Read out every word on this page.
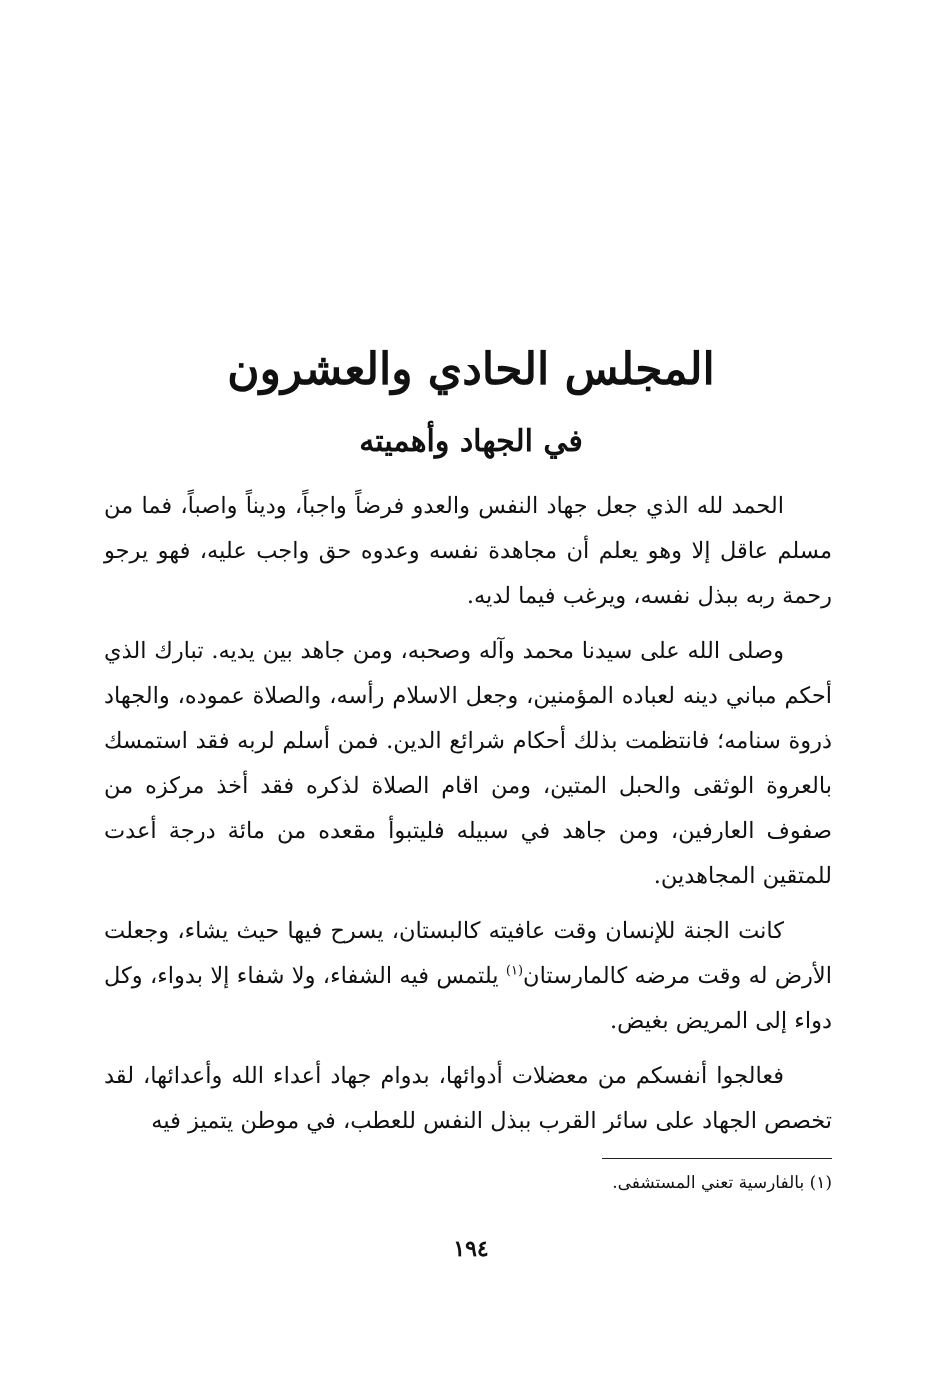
المجلس الحادي والعشرون
في الجهاد وأهميته

الحمد لله الذي جعل جهاد النفس والعدو فرضاً واجباً، وديناً واصباً، فما من مسلم عاقل إلا وهو يعلم أن مجاهدة نفسه وعدوه حق واجب عليه، فهو يرجو رحمة ربه ببذل نفسه، ويرغب فيما لديه.

وصلى الله على سيدنا محمد وآله وصحبه، ومن جاهد بين يديه. تبارك الذي أحكم مباني دينه لعباده المؤمنين، وجعل الاسلام رأسه، والصلاة عموده، والجهاد ذروة سنامه؛ فانتظمت بذلك أحكام شرائع الدين. فمن أسلم لربه فقد استمسك بالعروة الوثقى والحبل المتين، ومن اقام الصلاة لذكره فقد أخذ مركزه من صفوف العارفين، ومن جاهد في سبيله فليتبوأ مقعده من مائة درجة أعدت للمتقين المجاهدين.

كانت الجنة للإنسان وقت عافيته كالبستان، يسرح فيها حيث يشاء، وجعلت الأرض له وقت مرضه كالمارستان$^{(١)}$ يلتمس فيه الشفاء، ولا شفاء إلا بدواء، وكل دواء إلى المريض بغيض.

فعالجوا أنفسكم من معضلات أدوائها، بدوام جهاد أعداء الله وأعدائها، لقد تخصص الجهاد على سائر القرب ببذل النفس للعطب، في موطن يتميز فيه

(١) بالفارسية تعني المستشفى.

١٩٤
